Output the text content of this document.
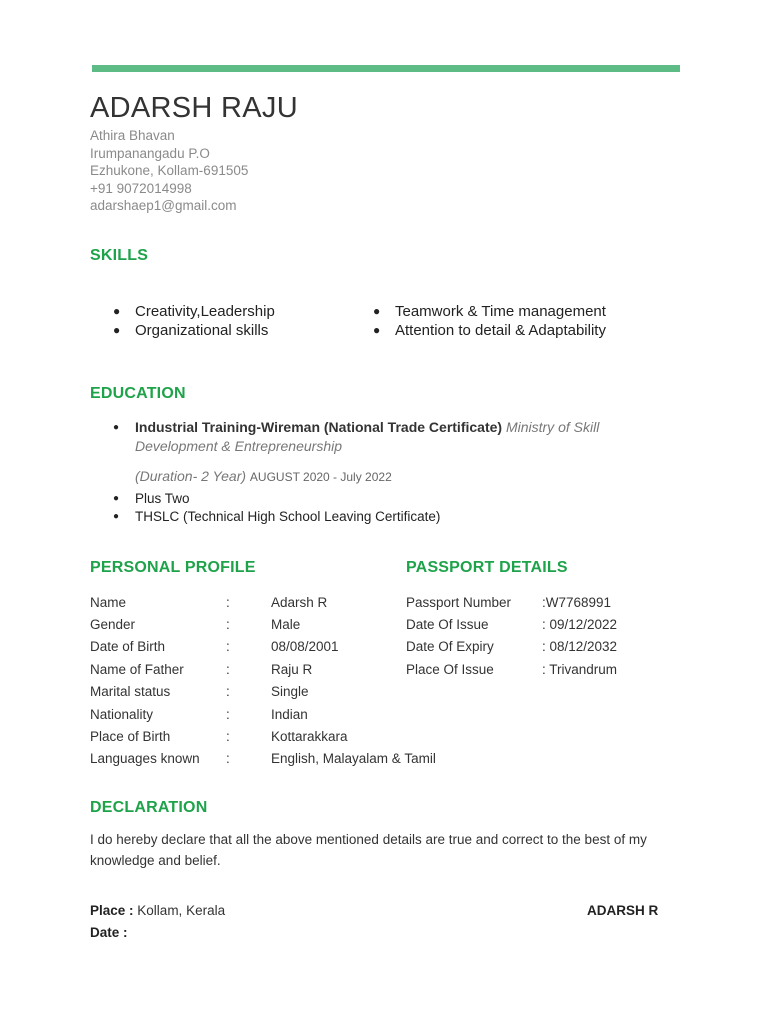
ADARSH RAJU
Athira Bhavan
Irumpanangadu P.O
Ezhukone, Kollam-691505
+91 9072014998
adarshaep1@gmail.com
SKILLS
● Creativity,Leadership
● Organizational skills
● Teamwork & Time management
● Attention to detail & Adaptability
EDUCATION
● Industrial Training-Wireman (National Trade Certificate) Ministry of Skill Development & Entrepreneurship
(Duration- 2 Year) AUGUST 2020 - July 2022
● Plus Two
● THSLC (Technical High School Leaving Certificate)
PERSONAL PROFILE	PASSPORT DETAILS
Name	:	Adarsh R
Gender	:	Male
Date of Birth	:	08/08/2001
Name of Father	:	Raju R
Marital status	:	Single
Nationality	:	Indian
Place of Birth	:	Kottarakkara
Languages known	:	English, Malayalam & Tamil
Passport Number	:W7768991
Date Of Issue	: 09/12/2022
Date Of Expiry	: 08/12/2032
Place Of Issue	: Trivandrum
DECLARATION
I do hereby declare that all the above mentioned details are true and correct to the best of my knowledge and belief.
Place : Kollam, Kerala
Date :
ADARSH R
